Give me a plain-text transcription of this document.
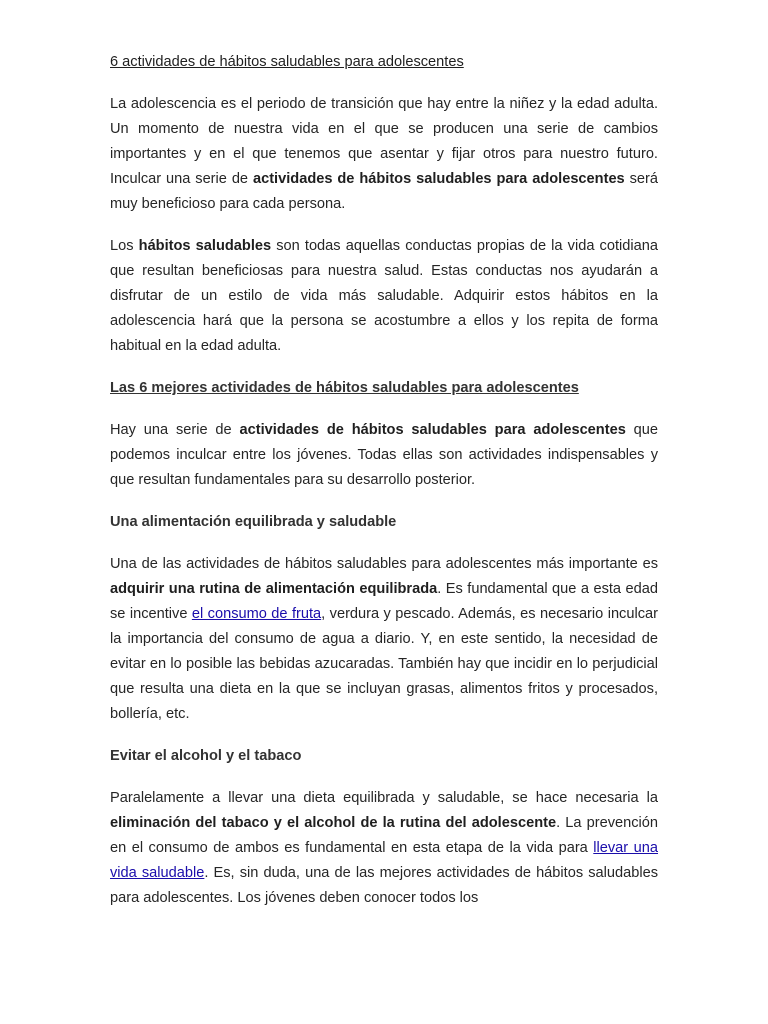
6 actividades de hábitos saludables para adolescentes

La adolescencia es el periodo de transición que hay entre la niñez y la edad adulta. Un momento de nuestra vida en el que se producen una serie de cambios importantes y en el que tenemos que asentar y fijar otros para nuestro futuro. Inculcar una serie de actividades de hábitos saludables para adolescentes será muy beneficioso para cada persona.

Los hábitos saludables son todas aquellas conductas propias de la vida cotidiana que resultan beneficiosas para nuestra salud. Estas conductas nos ayudarán a disfrutar de un estilo de vida más saludable. Adquirir estos hábitos en la adolescencia hará que la persona se acostumbre a ellos y los repita de forma habitual en la edad adulta.

Las 6 mejores actividades de hábitos saludables para adolescentes

Hay una serie de actividades de hábitos saludables para adolescentes que podemos inculcar entre los jóvenes. Todas ellas son actividades indispensables y que resultan fundamentales para su desarrollo posterior.

Una alimentación equilibrada y saludable

Una de las actividades de hábitos saludables para adolescentes más importante es adquirir una rutina de alimentación equilibrada. Es fundamental que a esta edad se incentive el consumo de fruta, verdura y pescado. Además, es necesario inculcar la importancia del consumo de agua a diario. Y, en este sentido, la necesidad de evitar en lo posible las bebidas azucaradas. También hay que incidir en lo perjudicial que resulta una dieta en la que se incluyan grasas, alimentos fritos y procesados, bollería, etc.

Evitar el alcohol y el tabaco

Paralelamente a llevar una dieta equilibrada y saludable, se hace necesaria la eliminación del tabaco y el alcohol de la rutina del adolescente. La prevención en el consumo de ambos es fundamental en esta etapa de la vida para llevar una vida saludable. Es, sin duda, una de las mejores actividades de hábitos saludables para adolescentes. Los jóvenes deben conocer todos los
